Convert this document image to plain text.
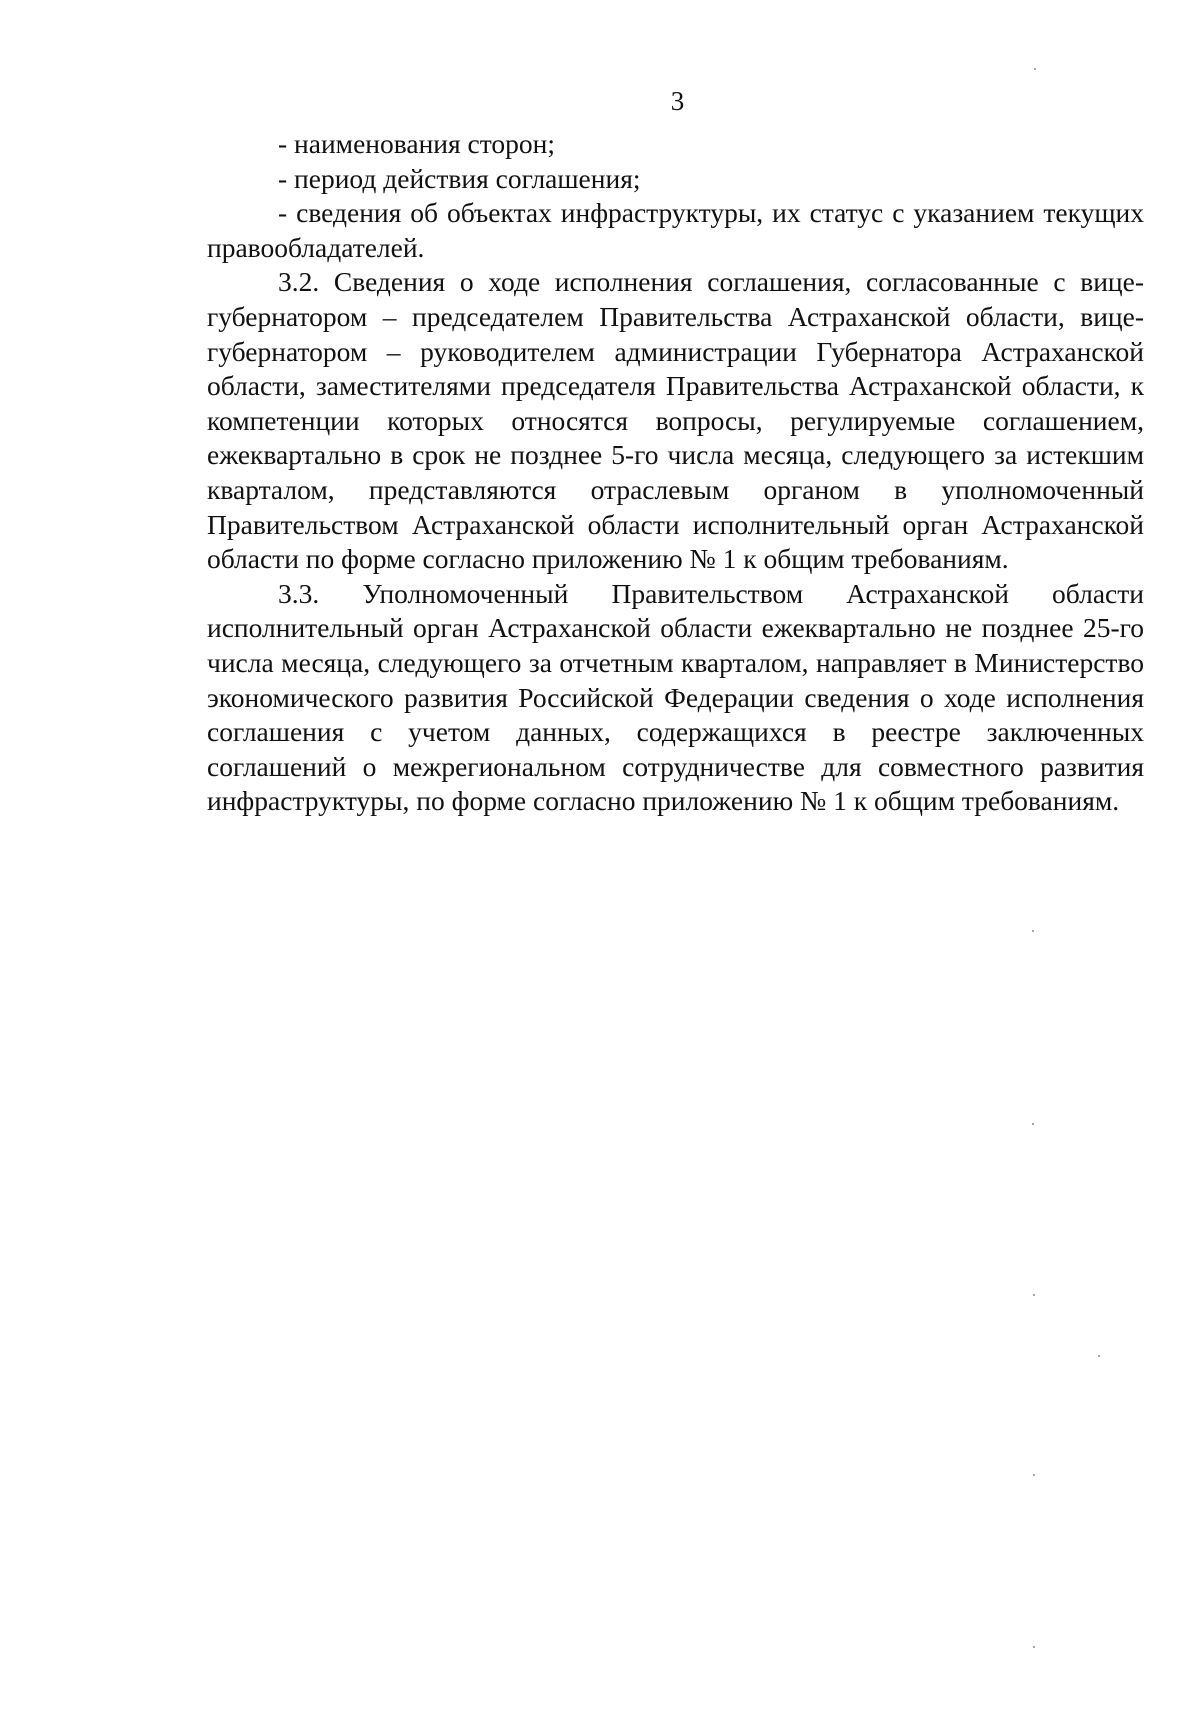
3

- наименования сторон;

- период действия соглашения;

- сведения об объектах инфраструктуры, их статус с указанием текущих правообладателей.

3.2. Сведения о ходе исполнения соглашения, согласованные с вице-губернатором – председателем Правительства Астраханской области, вице-губернатором – руководителем администрации Губернатора Астраханской области, заместителями председателя Правительства Астраханской области, к компетенции которых относятся вопросы, регулируемые соглашением, ежеквартально в срок не позднее 5-го числа месяца, следующего за истекшим кварталом, представляются отраслевым органом в уполномоченный Правительством Астраханской области исполнительный орган Астраханской области по форме согласно приложению № 1 к общим требованиям.

3.3. Уполномоченный Правительством Астраханской области исполнительный орган Астраханской области ежеквартально не позднее 25-го числа месяца, следующего за отчетным кварталом, направляет в Министерство экономического развития Российской Федерации сведения о ходе исполнения соглашения с учетом данных, содержащихся в реестре заключенных соглашений о межрегиональном сотрудничестве для совместного развития инфраструктуры, по форме согласно приложению № 1 к общим требованиям.
